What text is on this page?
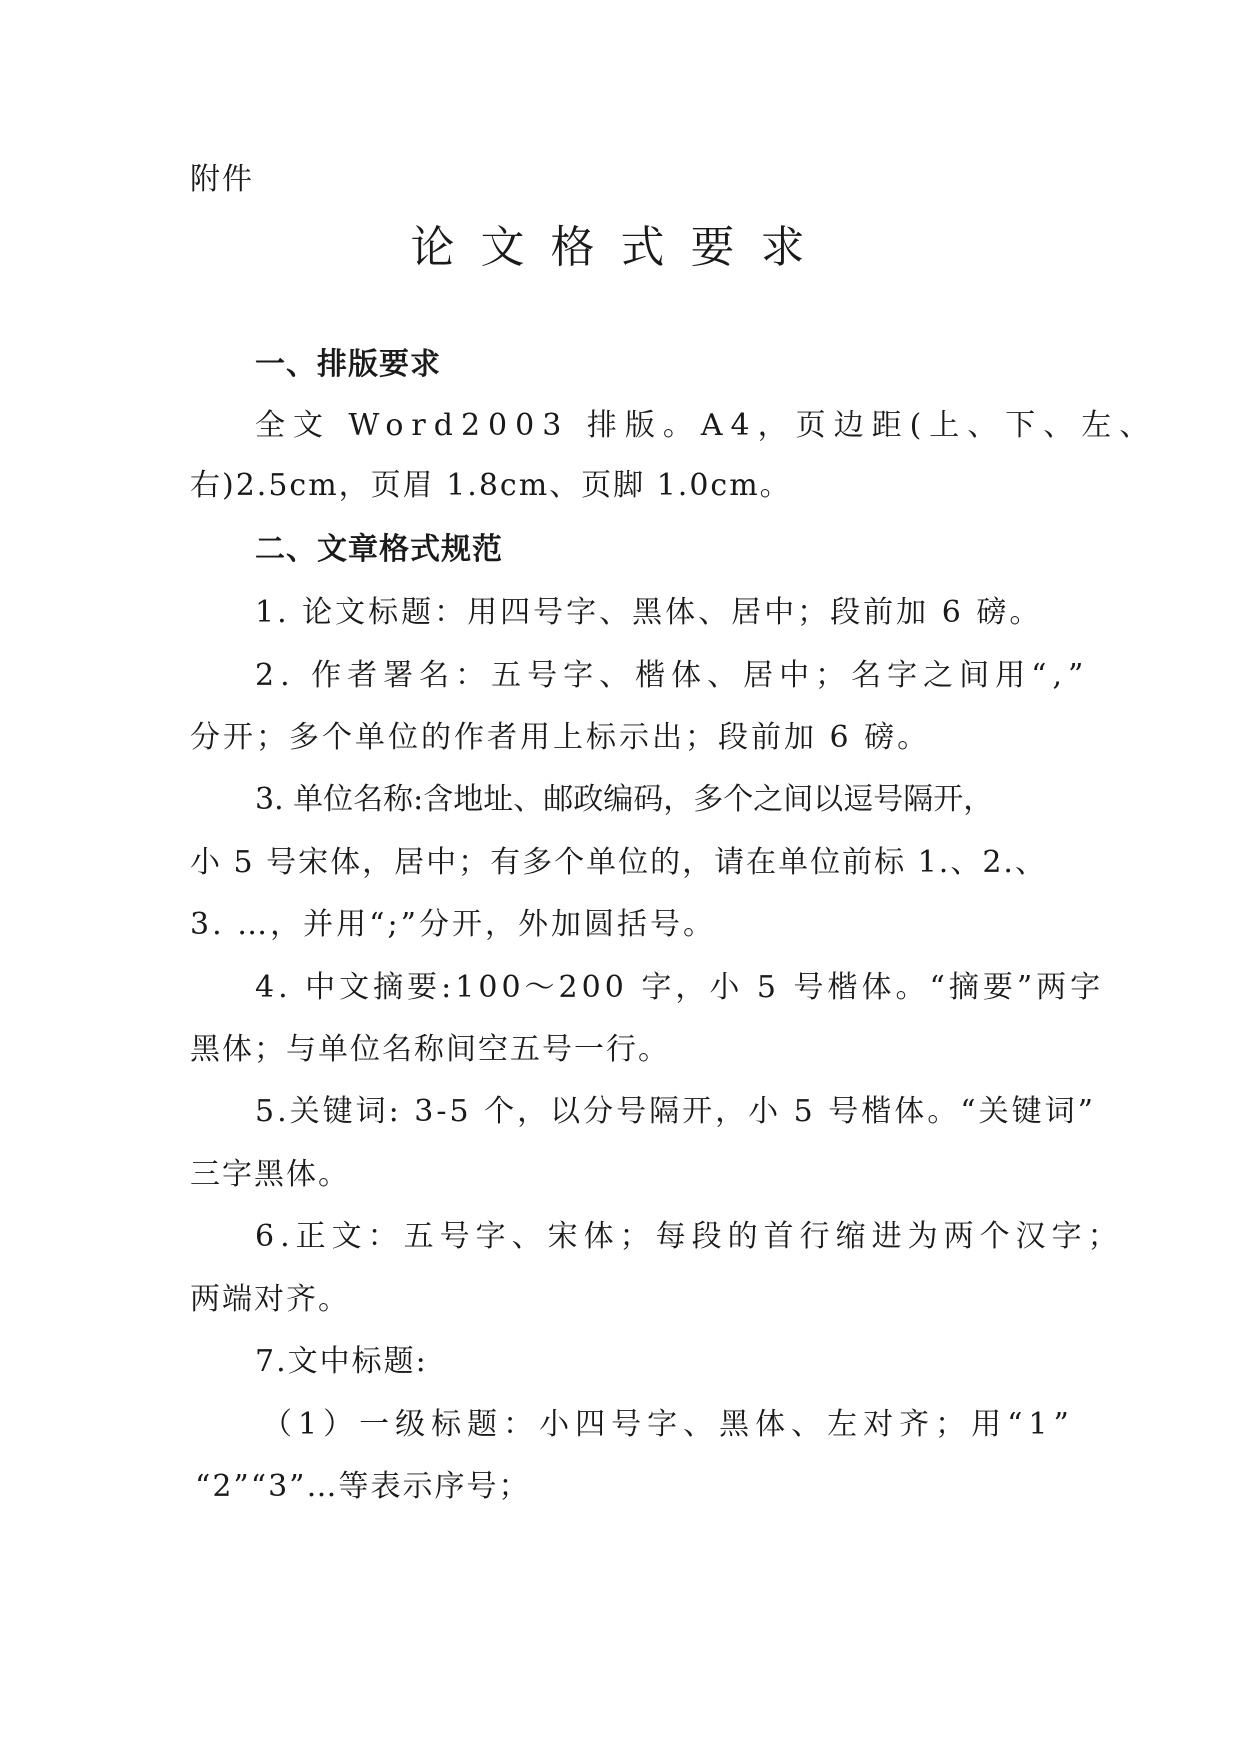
附件
论文格式要求
一、排版要求
全文 Word2003 排版。A4，页边距(上、下、左、
右)2.5cm，页眉 1.8cm、页脚 1.0cm。
二、文章格式规范
1. 论文标题：用四号字、黑体、居中；段前加 6 磅。
2. 作者署名：五号字、楷体、居中；名字之间用“,”
分开；多个单位的作者用上标示出；段前加 6 磅。
3. 单位名称:含地址、邮政编码，多个之间以逗号隔开，
小 5 号宋体，居中；有多个单位的，请在单位前标 1.、2.、
3. …，并用“;”分开，外加圆括号。
4. 中文摘要:100～200 字，小 5 号楷体。“摘要”两字
黑体；与单位名称间空五号一行。
5.关键词: 3-5 个，以分号隔开，小 5 号楷体。“关键词”
三字黑体。
6.正文：五号字、宋体；每段的首行缩进为两个汉字；
两端对齐。
7.文中标题:
（1）一级标题：小四号字、黑体、左对齐；用“1”
“2”“3”…等表示序号；
